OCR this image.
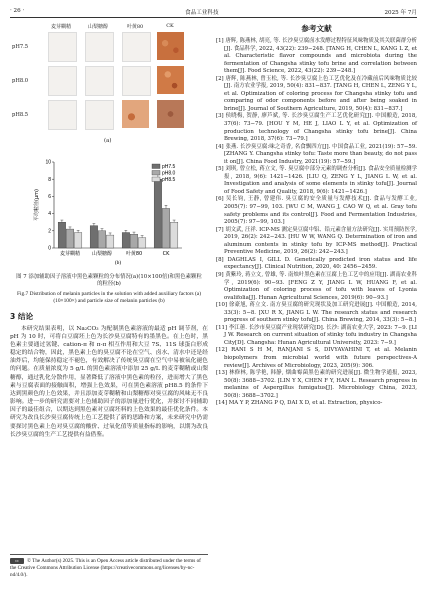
· 26 ·	食品工业科技	2025 年 7月
麦芽糊精	山梨糖醇	叶黄80	CK
pH7.5
pH8.0
pH8.5
(a)
0
2
4
6
8
10
平均粒径(μm)
麦芽糊精 山梨糖醇	叶黄80	CK
pH7.5
pH8.0
pH8.5
(b)
图 7 添加辅助因子溶液中黑色素颗粒的分布情况(a)(10×100倍)和黑色素颗粒的粒径(b)
Fig.7 Distribution of melanin particles in the solution with added auxiliary factors (a) (10×100×) and particle size of melanin particles (b)
3 结论

本研究结果表明，以 Na₂CO₃ 为配制黑色素溶液的最适 pH 调节剂，在 pH 为 10 时，可将白豆腐坯上色为长沙臭豆腐特有的墨黑色。在上色时，黑色素主要通过氢键、cation-π 和 π-π 相互作用和大豆 7S、11S 球蛋白形成稳定的结合物，因此，黑色素上色的臭豆腐不论在空气、卤水、清水中还是经油炸后，均能保持稳定不褪色，有效解决了传统臭豆腐在空气中易被氧化褪色的问题。在质量浓度为 5 g/L 的黑色素溶液中添加 25 g/L 的麦芽糊精或山梨糖醇，通过乳化分散作用，显著降低了溶液中黑色素的粒径，进而增大了黑色素与豆腐表面的接触面积，增强上色效果，可在黑色素溶液 pH8.5 的条件下达到黑颜色的上色效果，并且添加麦芽糊精和山梨糖醇对臭豆腐的风味无不良影响。进一步的研究需要对上色辅助因子的添加量进行优化，并探讨不同辅助因子的最佳组合，以期达到黑色素对豆腐坯料的上色效果的最佳优化条件。本研究为改良长沙臭豆腐传统上色工艺提供了新的思路和方案，未来研究中仍需要探讨黑色素上色对臭豆腐的酸价、过氧化值等质量指标的影响，以期为改良长沙臭豆腐的生产工艺提供有益借鉴。

cc © The Author(s) 2025. This is an Open Access article distributed under the terms of the Creative Commons Attribution License (https://creativecommons.org/licenses/by-nc-nd/4.0/).
参考文献

[1] 唐辉, 陈燕林, 胡亮, 等. 长沙臭豆腐卤水发酵过程特征风味物质及其关联菌群分析[J]. 食品科学, 2022, 43(22): 239−248. [TANG H, CHEN L, KANG L Z, et al. Characteristic flavor compounds and microbiota during the fermentation of Changsha stinky tofu brine and correlation between them[J]. Food Science, 2022, 43(22): 239−248.]

[2] 唐辉, 陈燕林, 曾玉松, 等. 长沙臭豆腐上色工艺优化及在冷藏前后风味物质比较[J]. 南方农业学报, 2019, 50(4): 831−837. [TANG H, CHEN L, ZENG Y L, et al. Optimization of coloring process for Changsha stinky tofu and comparing of odor components before and after being soaked in brine[J]. Journal of Southern Agriculture, 2019, 50(4): 831−837.]

[3] 侯晓梅, 贺静, 廖芦斌, 等. 长沙臭豆腐生产工艺优化研究[J]. 中国酿造, 2018, 37(6): 73−79. [HOU Y M, HE J, LIAO L Y, et al. Optimization of production technology of Changsha stinky tofu brine[J]. China Brewing, 2018, 37(6): 73−79.]

[4] 张燕. 长沙臭豆腐:味之奇香, 名食飘四方[J]. 中国食品工业, 2021(19): 57−59. [ZHANG Y. Changsha stinky tofu: Taste more than beauty, do not pass it on[J]. China Food Industry, 2021(19): 57−59.]

[5] 刘琪, 曾立松, 蒋立文, 等. 臭豆腐中部分元素的调查分析[J]. 食品安全质量检测学报, 2018, 9(6): 1421−1426. [LIU Q, ZENG Y L, JIANG L W, et al. Investigation and analysis of some elements in stinky tofu[J]. Journal of Food Safety and Quality, 2018, 9(6): 1421−1426.]

[6] 吴长钧, 王静, 曾建伟. 臭豆腐的安全质量与发酵技术[J]. 食品与发酵工业, 2005(7): 97−99, 103. [WU C M, WANG J, CAO W Q, et al. Gray tofu safety problems and its control[J]. Food and Fermentation Industries, 2005(7): 97−99, 103.]

[7] 胡文武, 汪祥. ICP-MS 测定臭豆腐中铝、铅元素含量方法研究[J]. 实用预防医学, 2019, 26(2): 242−243. [HU W W, WANG Q. Determination of iron and aluminum contents in stinky tofu by ICP-MS method[J]. Practical Preventive Medicine, 2019, 26(2): 242−243.]

[8] DAGHLAS I, GILL D. Genetically predicted iron status and life expectancy[J]. Clinical Nutrition, 2020, 40: 2456−2459.

[9] 黄紫玲, 蒋立文, 曾雄, 等. 南烛叶黑色素在豆腐上色工艺中的应用[J]. 湖南农业科学, 2019(6): 90−93. [FENG Z Y, JIANG L W, HUANG F, et al. Optimization of coloring process of tofu with leaves of Lyonia ovalifolia[J]. Hunan Agricultural Sciences, 2019(6): 90−93.]

[10] 徐豪旭, 蒋立文. 南方臭豆腐的研究现状及加工研究进展[J]. 中国酿造, 2014, 33(3): 5−8. [XU R X, JIANG L W. The research status and research progress of southern stinky tofu[J]. China Brewing, 2014, 33(3): 5−8.]

[11] 李江蕙. 长沙市臭豆腐产业现状研究[D]. 长沙: 湖南农业大学, 2023: 7−9. [LI J W. Research on current situation of stinky tofu industry in Changsha City[D]. Changsha: Hunan Agricultural University, 2023: 7−9.]

[12] RANI S H M, RANJANI S S, DIVYAVAHINI T, et al. Melanin biopolymers from microbial world with future perspectives-A review[J]. Archives of Microbiology, 2023, 205(9): 306.

[13] 林修林, 陈学艳, 韩静, 烟曲霉菌黑色素的研究进展[J]. 微生物学通报, 2023, 50(8): 3688−3702. [LIN Y X, CHEN F Y, HAN L. Research progress in melanins of Aspergillus fumigatus[J]. Microbiology China, 2023, 50(8): 3688−3702.]

[14] MA Y P, ZHANG P Q, DAI X D, et al. Extraction, physico-
